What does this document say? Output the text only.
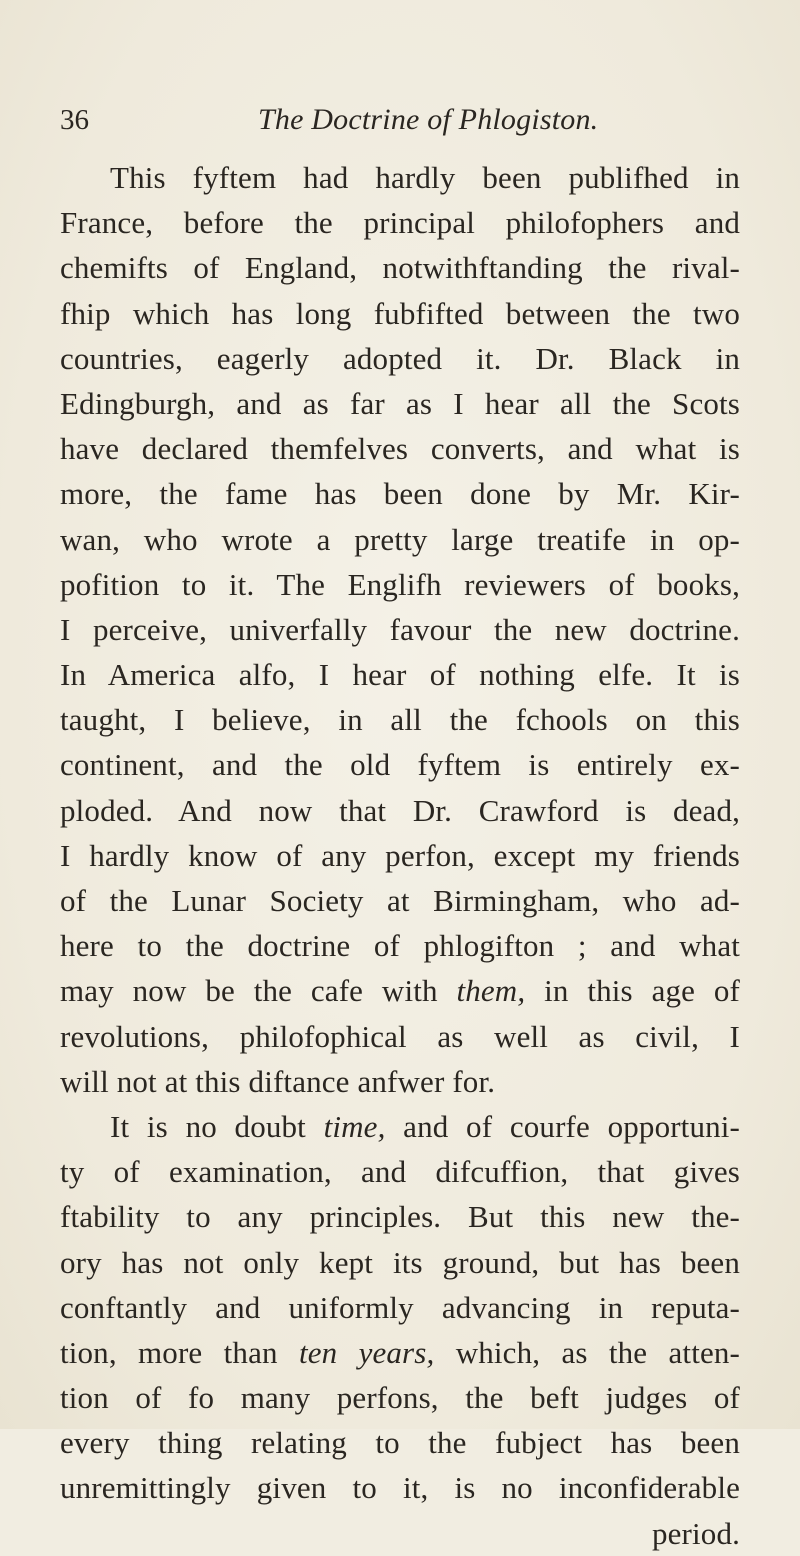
36	The Doctrine of Phlogiston.
This fyftem had hardly been publifhed in
France, before the principal philofophers and
chemifts of England, notwithftanding the rival-
fhip which has long fubfifted between the two
countries, eagerly adopted it. Dr. Black in
Edingburgh, and as far as I hear all the Scots
have declared themfelves converts, and what is
more, the fame has been done by Mr. Kir-
wan, who wrote a pretty large treatife in op-
pofition to it. The Englifh reviewers of books,
I perceive, univerfally favour the new doctrine.
In America alfo, I hear of nothing elfe. It is
taught, I believe, in all the fchools on this
continent, and the old fyftem is entirely ex-
ploded. And now that Dr. Crawford is dead,
I hardly know of any perfon, except my friends
of the Lunar Society at Birmingham, who ad-
here to the doctrine of phlogifton ; and what
may now be the cafe with them, in this age of
revolutions, philofophical as well as civil, I
will not at this diftance anfwer for.
It is no doubt time, and of courfe opportuni-
ty of examination, and difcuffion, that gives
ftability to any principles. But this new the-
ory has not only kept its ground, but has been
conftantly and uniformly advancing in reputa-
tion, more than ten years, which, as the atten-
tion of fo many perfons, the beft judges of
every thing relating to the fubject has been
unremittingly given to it, is no inconfiderable
period.
